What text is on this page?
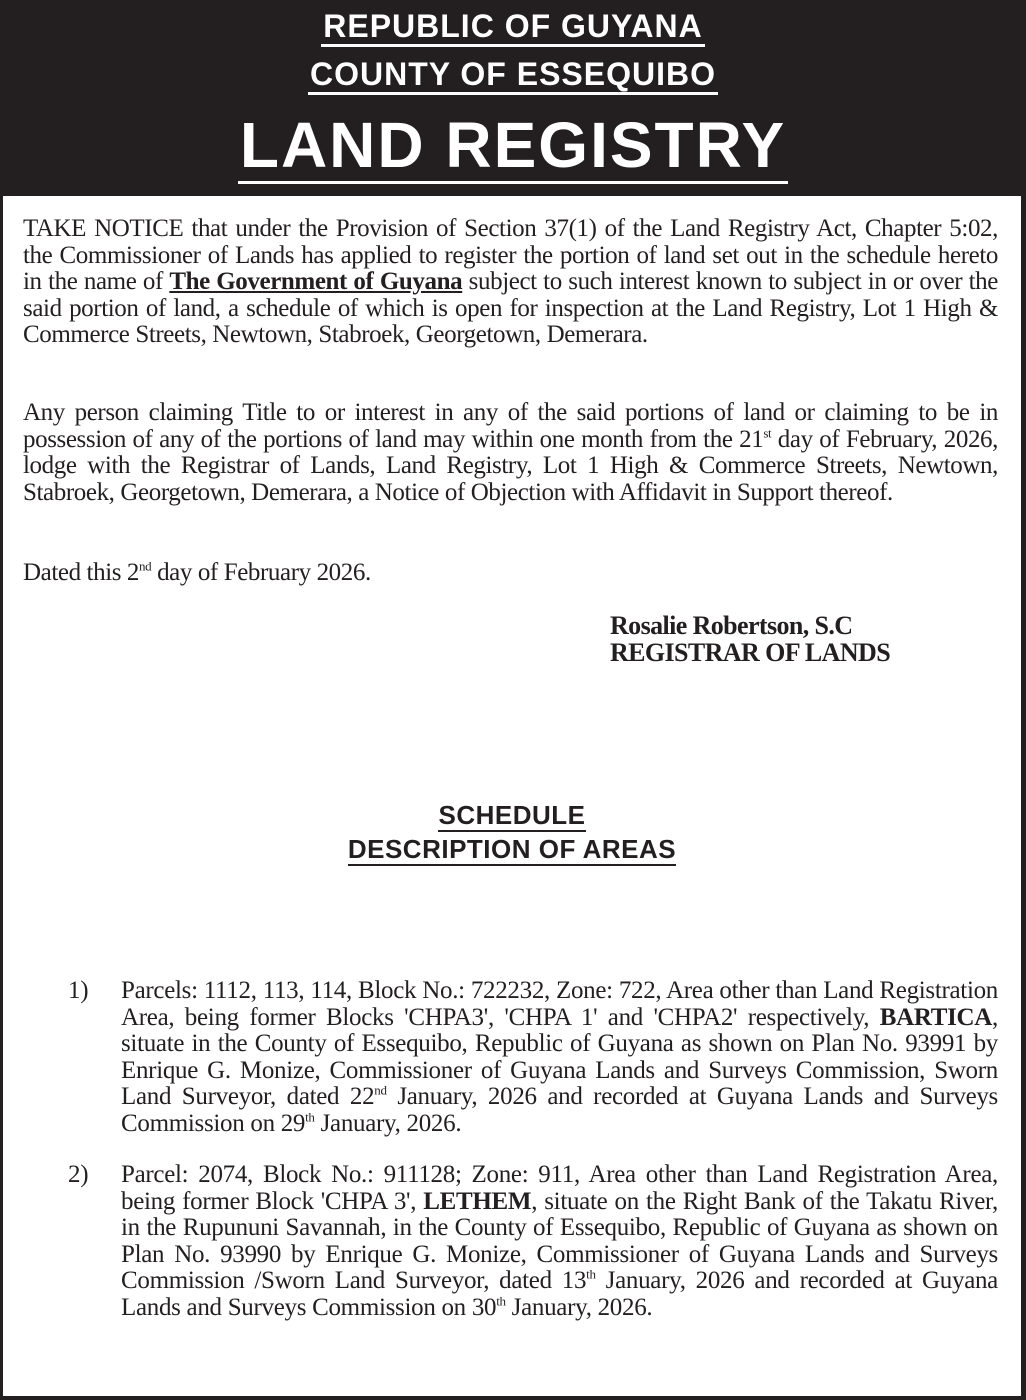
REPUBLIC OF GUYANA
COUNTY OF ESSEQUIBO
LAND REGISTRY
TAKE NOTICE that under the Provision of Section 37(1) of the Land Registry Act, Chapter 5:02, the Commissioner of Lands has applied to register the portion of land set out in the schedule hereto in the name of The Government of Guyana subject to such interest known to subject in or over the said portion of land, a schedule of which is open for inspection at the Land Registry, Lot 1 High & Commerce Streets, Newtown, Stabroek, Georgetown, Demerara.
Any person claiming Title to or interest in any of the said portions of land or claiming to be in possession of any of the portions of land may within one month from the 21st day of February, 2026, lodge with the Registrar of Lands, Land Registry, Lot 1 High & Commerce Streets, Newtown, Stabroek, Georgetown, Demerara, a Notice of Objection with Affidavit in Support thereof.
Dated this 2nd day of February 2026.
Rosalie Robertson, S.C
REGISTRAR OF LANDS
SCHEDULE
DESCRIPTION OF AREAS
1)	Parcels: 1112, 113, 114, Block No.: 722232, Zone: 722, Area other than Land Registration Area, being former Blocks 'CHPA3', 'CHPA 1' and 'CHPA2' respectively, BARTICA, situate in the County of Essequibo, Republic of Guyana as shown on Plan No. 93991 by Enrique G. Monize, Commissioner of Guyana Lands and Surveys Commission, Sworn Land Surveyor, dated 22nd January, 2026 and recorded at Guyana Lands and Surveys Commission on 29th January, 2026.
2)	Parcel: 2074, Block No.: 911128; Zone: 911, Area other than Land Registration Area, being former Block 'CHPA 3', LETHEM, situate on the Right Bank of the Takatu River, in the Rupununi Savannah, in the County of Essequibo, Republic of Guyana as shown on Plan No. 93990 by Enrique G. Monize, Commissioner of Guyana Lands and Surveys Commission /Sworn Land Surveyor, dated 13th January, 2026 and recorded at Guyana Lands and Surveys Commission on 30th January, 2026.
